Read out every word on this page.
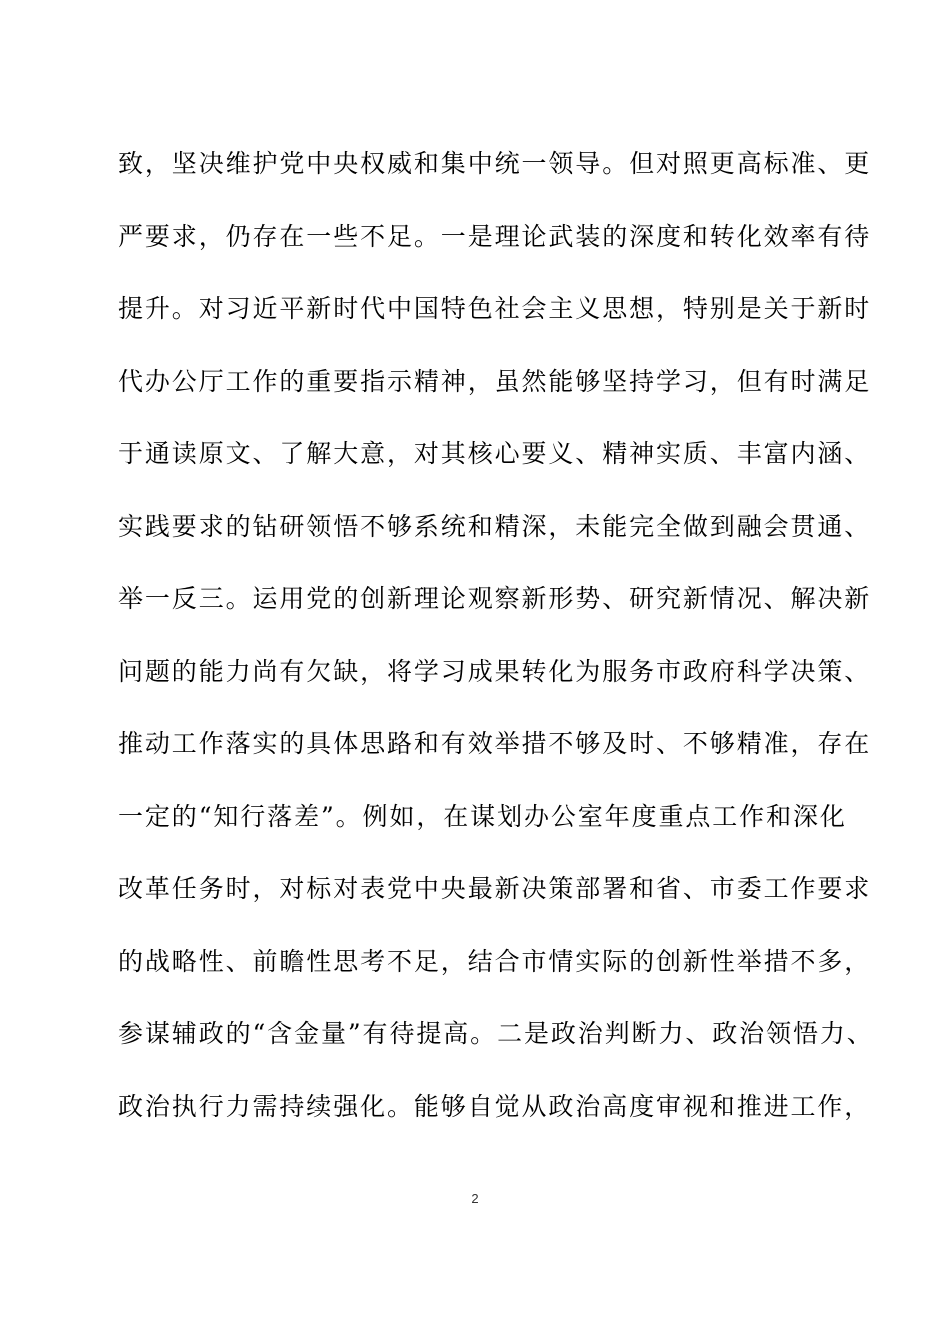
致，坚决维护党中央权威和集中统一领导。但对照更高标准、更
严要求，仍存在一些不足。一是理论武装的深度和转化效率有待
提升。对习近平新时代中国特色社会主义思想，特别是关于新时
代办公厅工作的重要指示精神，虽然能够坚持学习，但有时满足
于通读原文、了解大意，对其核心要义、精神实质、丰富内涵、
实践要求的钻研领悟不够系统和精深，未能完全做到融会贯通、
举一反三。运用党的创新理论观察新形势、研究新情况、解决新
问题的能力尚有欠缺，将学习成果转化为服务市政府科学决策、
推动工作落实的具体思路和有效举措不够及时、不够精准，存在
一定的“知行落差”。例如，在谋划办公室年度重点工作和深化
改革任务时，对标对表党中央最新决策部署和省、市委工作要求
的战略性、前瞻性思考不足，结合市情实际的创新性举措不多，
参谋辅政的“含金量”有待提高。二是政治判断力、政治领悟力、
政治执行力需持续强化。能够自觉从政治高度审视和推进工作，
2
